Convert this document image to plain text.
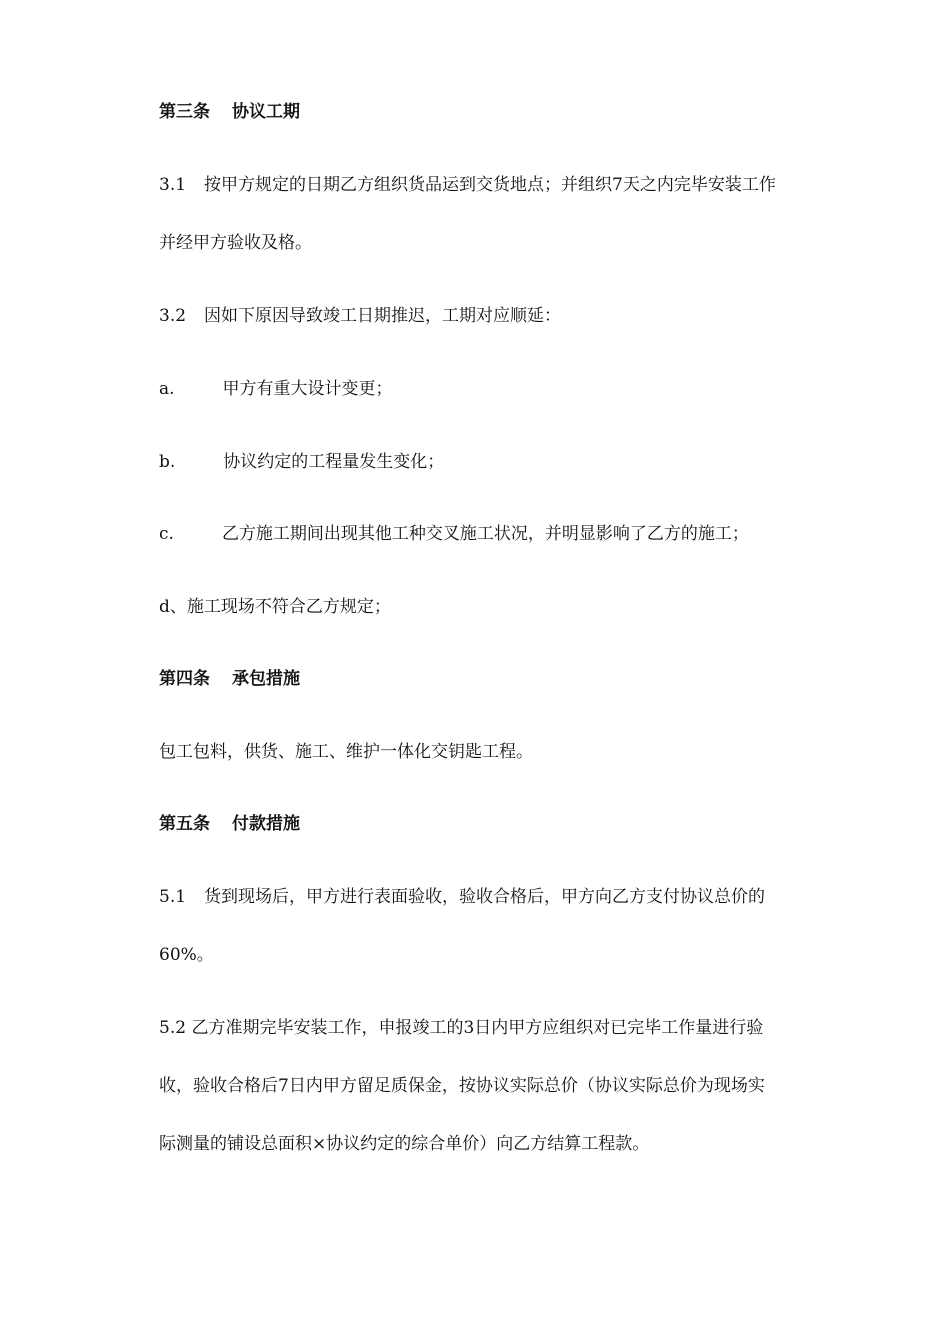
第三条 协议工期
3.1 按甲方规定的日期乙方组织货品运到交货地点；并组织7天之内完毕安装工作
并经甲方验收及格。
3.2 因如下原因导致竣工日期推迟，工期对应顺延：
a.	甲方有重大设计变更；
b.	协议约定的工程量发生变化；
c.	乙方施工期间出现其他工种交叉施工状况，并明显影响了乙方的施工；
d、施工现场不符合乙方规定；
第四条 承包措施
包工包料，供货、施工、维护一体化交钥匙工程。
第五条 付款措施
5.1 货到现场后，甲方进行表面验收，验收合格后，甲方向乙方支付协议总价的
60%。
5.2 乙方准期完毕安装工作，申报竣工的3日内甲方应组织对已完毕工作量进行验
收，验收合格后7日内甲方留足质保金，按协议实际总价（协议实际总价为现场实
际测量的铺设总面积×协议约定的综合单价）向乙方结算工程款。
